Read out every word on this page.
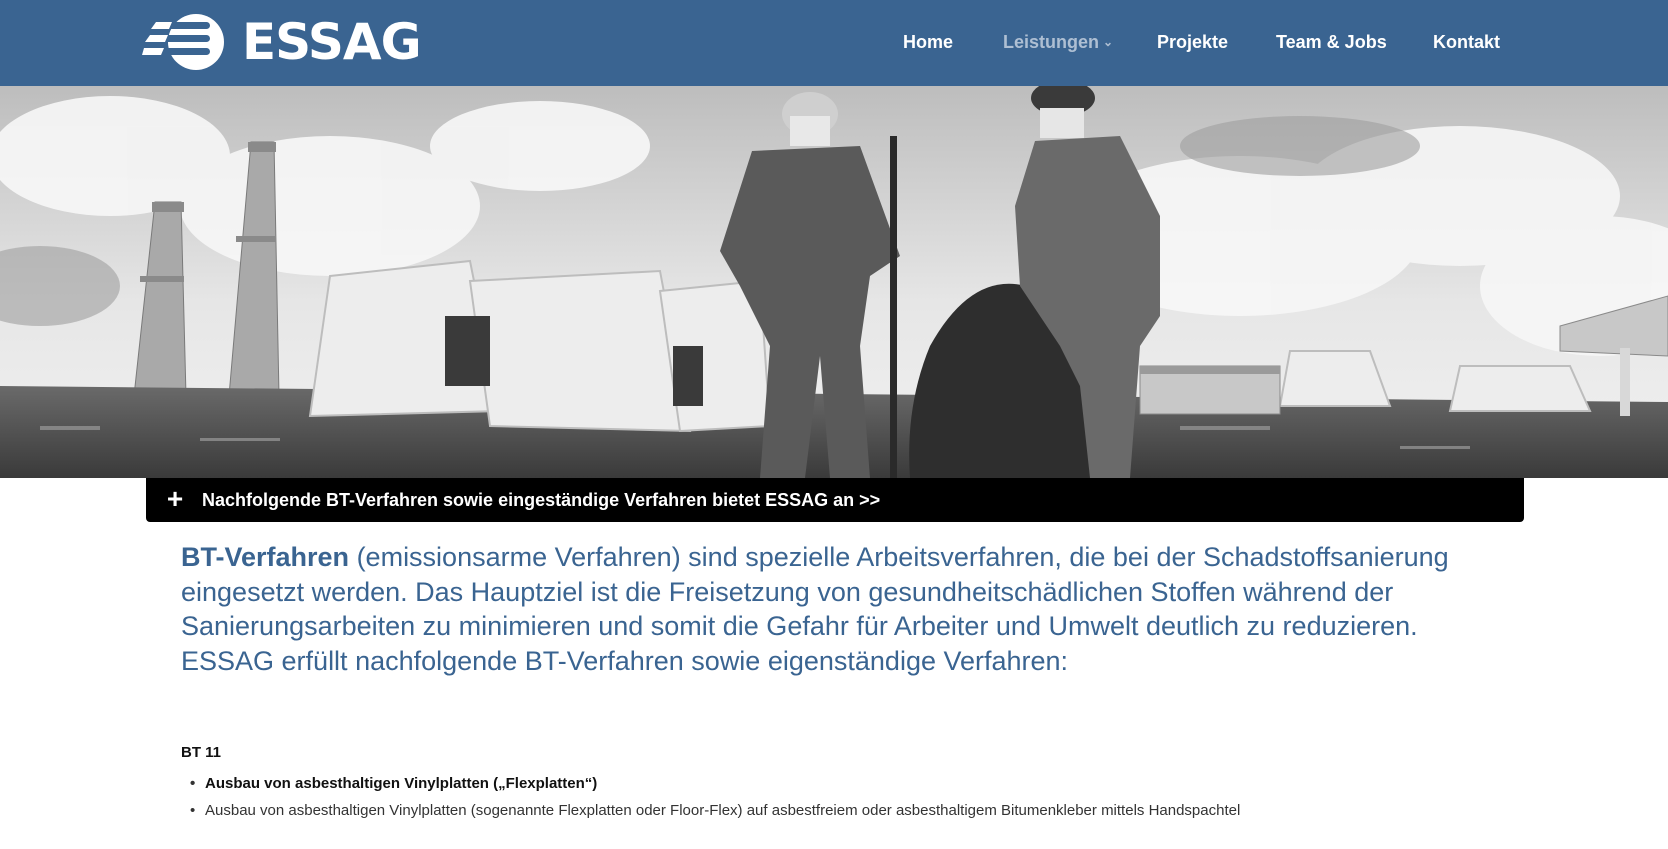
ESSAG	Home	Leistungen ⌄ Projekte	Team & Jobs	Kontakt
+	Nachfolgende BT-Verfahren sowie eingeständige Verfahren bietet ESSAG an >>

BT-Verfahren (emissionsarme Verfahren) sind spezielle Arbeitsverfahren, die bei der Schadstoffsanierung eingesetzt werden. Das Hauptziel ist die Freisetzung von gesundheitschädlichen Stoffen während der Sanierungsarbeiten zu minimieren und somit die Gefahr für Arbeiter und Umwelt deutlich zu reduzieren. ESSAG erfüllt nachfolgende BT-Verfahren sowie eigenständige Verfahren:

BT 11
• Ausbau von asbesthaltigen Vinylplatten („Flexplatten“)
• Ausbau von asbesthaltigen Vinylplatten (sogenannte Flexplatten oder Floor-Flex) auf asbestfreiem oder asbesthaltigem Bitumenkleber mittels Handspachtel
